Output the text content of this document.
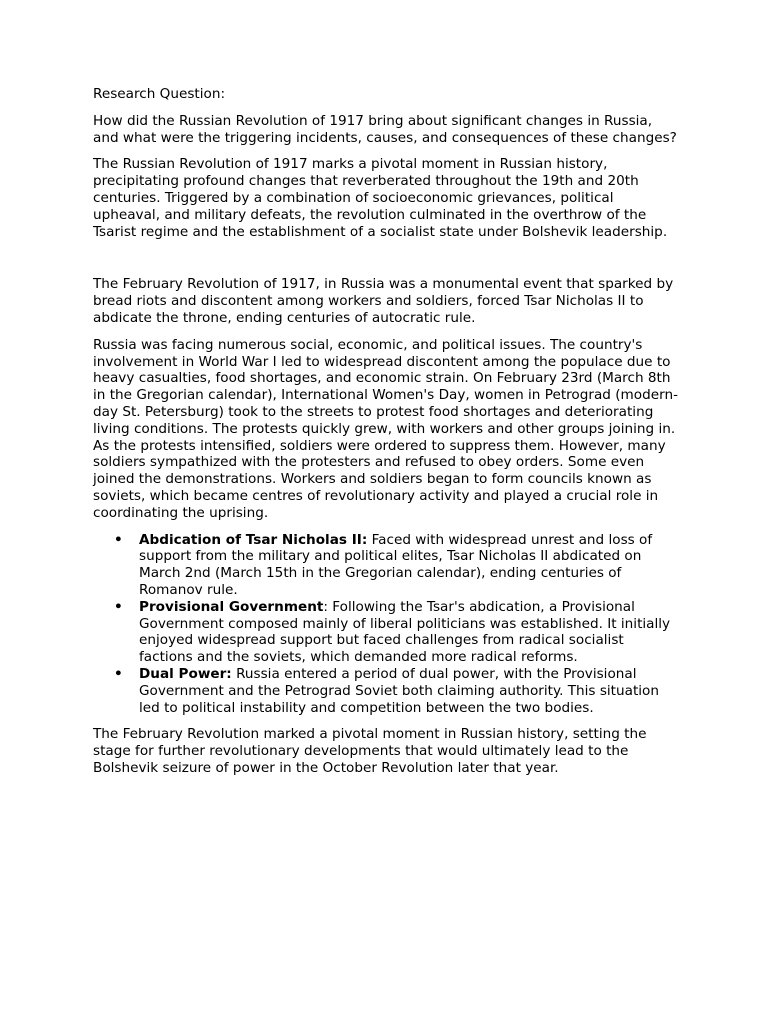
Research Question:

How did the Russian Revolution of 1917 bring about significant changes in Russia, and what were the triggering incidents, causes, and consequences of these changes?

The Russian Revolution of 1917 marks a pivotal moment in Russian history, precipitating profound changes that reverberated throughout the 19th and 20th centuries. Triggered by a combination of socioeconomic grievances, political upheaval, and military defeats, the revolution culminated in the overthrow of the Tsarist regime and the establishment of a socialist state under Bolshevik leadership.

The February Revolution of 1917, in Russia was a monumental event that sparked by bread riots and discontent among workers and soldiers, forced Tsar Nicholas II to abdicate the throne, ending centuries of autocratic rule.

Russia was facing numerous social, economic, and political issues. The country's involvement in World War I led to widespread discontent among the populace due to heavy casualties, food shortages, and economic strain. On February 23rd (March 8th in the Gregorian calendar), International Women's Day, women in Petrograd (modern-day St. Petersburg) took to the streets to protest food shortages and deteriorating living conditions. The protests quickly grew, with workers and other groups joining in. As the protests intensified, soldiers were ordered to suppress them. However, many soldiers sympathized with the protesters and refused to obey orders. Some even joined the demonstrations. Workers and soldiers began to form councils known as soviets, which became centres of revolutionary activity and played a crucial role in coordinating the uprising.

• Abdication of Tsar Nicholas II: Faced with widespread unrest and loss of support from the military and political elites, Tsar Nicholas II abdicated on March 2nd (March 15th in the Gregorian calendar), ending centuries of Romanov rule.
• Provisional Government: Following the Tsar's abdication, a Provisional Government composed mainly of liberal politicians was established. It initially enjoyed widespread support but faced challenges from radical socialist factions and the soviets, which demanded more radical reforms.
• Dual Power: Russia entered a period of dual power, with the Provisional Government and the Petrograd Soviet both claiming authority. This situation led to political instability and competition between the two bodies.

The February Revolution marked a pivotal moment in Russian history, setting the stage for further revolutionary developments that would ultimately lead to the Bolshevik seizure of power in the October Revolution later that year.
